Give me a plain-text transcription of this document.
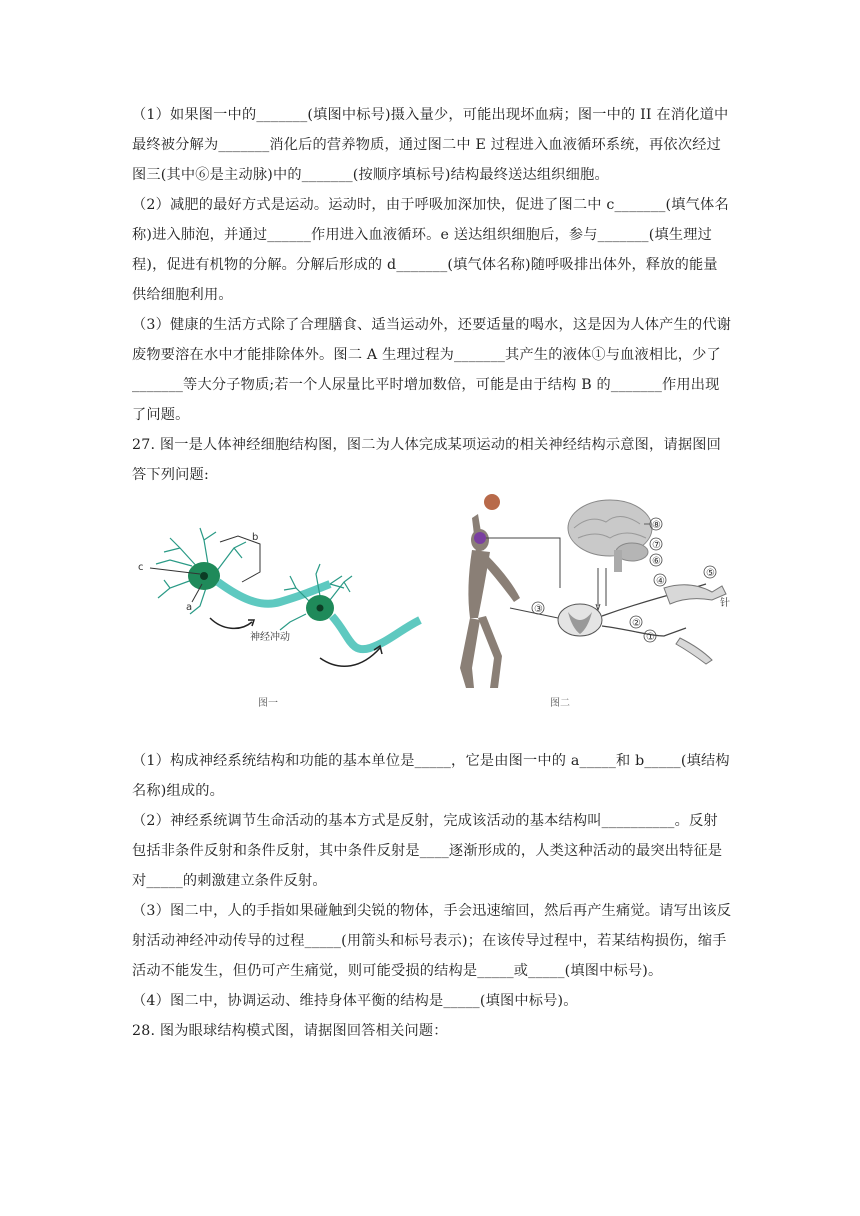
（1）如果图一中的_______(填图中标号)摄入量少，可能出现坏血病；图一中的 II 在消化道中最终被分解为_______消化后的营养物质，通过图二中 E 过程进入血液循环系统，再依次经过图三(其中⑥是主动脉)中的_______(按顺序填标号)结构最终送达组织细胞。

（2）减肥的最好方式是运动。运动时，由于呼吸加深加快，促进了图二中 c_______(填气体名称)进入肺泡，并通过______作用进入血液循环。e 送达组织细胞后，参与_______(填生理过程)，促进有机物的分解。分解后形成的 d_______(填气体名称)随呼吸排出体外，释放的能量供给细胞利用。

（3）健康的生活方式除了合理膳食、适当运动外，还要适量的喝水，这是因为人体产生的代谢废物要溶在水中才能排除体外。图二 A 生理过程为_______其产生的液体①与血液相比，少了_______等大分子物质;若一个人尿量比平时增加数倍，可能是由于结构 B 的_______作用出现了问题。

27. 图一是人体神经细胞结构图，图二为人体完成某项运动的相关神经结构示意图，请据图回答下列问题:

c
a
b
神经冲动
图一
⑧
⑦
⑥
④
⑤
③
②
①
针
图二

（1）构成神经系统结构和功能的基本单位是_____，它是由图一中的 a_____和 b_____(填结构名称)组成的。

（2）神经系统调节生命活动的基本方式是反射，完成该活动的基本结构叫__________。反射包括非条件反射和条件反射，其中条件反射是____逐渐形成的，人类这种活动的最突出特征是对_____的刺激建立条件反射。

（3）图二中，人的手指如果碰触到尖锐的物体，手会迅速缩回，然后再产生痛觉。请写出该反射活动神经冲动传导的过程_____(用箭头和标号表示)；在该传导过程中，若某结构损伤，缩手活动不能发生，但仍可产生痛觉，则可能受损的结构是_____或_____(填图中标号)。

（4）图二中，协调运动、维持身体平衡的结构是_____(填图中标号)。

28. 图为眼球结构模式图，请据图回答相关问题：
